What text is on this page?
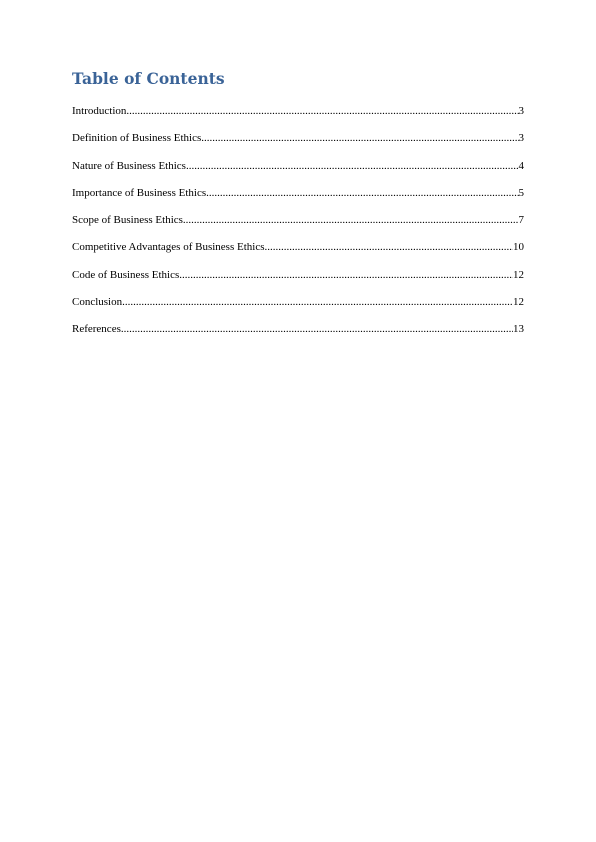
Table of Contents
Introduction .....	3
Definition of Business Ethics .....	3
Nature of Business Ethics .....	4
Importance of Business Ethics .....	5
Scope of Business Ethics .....	7
Competitive Advantages of Business Ethics .....	10
Code of Business Ethics .....	12
Conclusion .....	12
References .....	13
